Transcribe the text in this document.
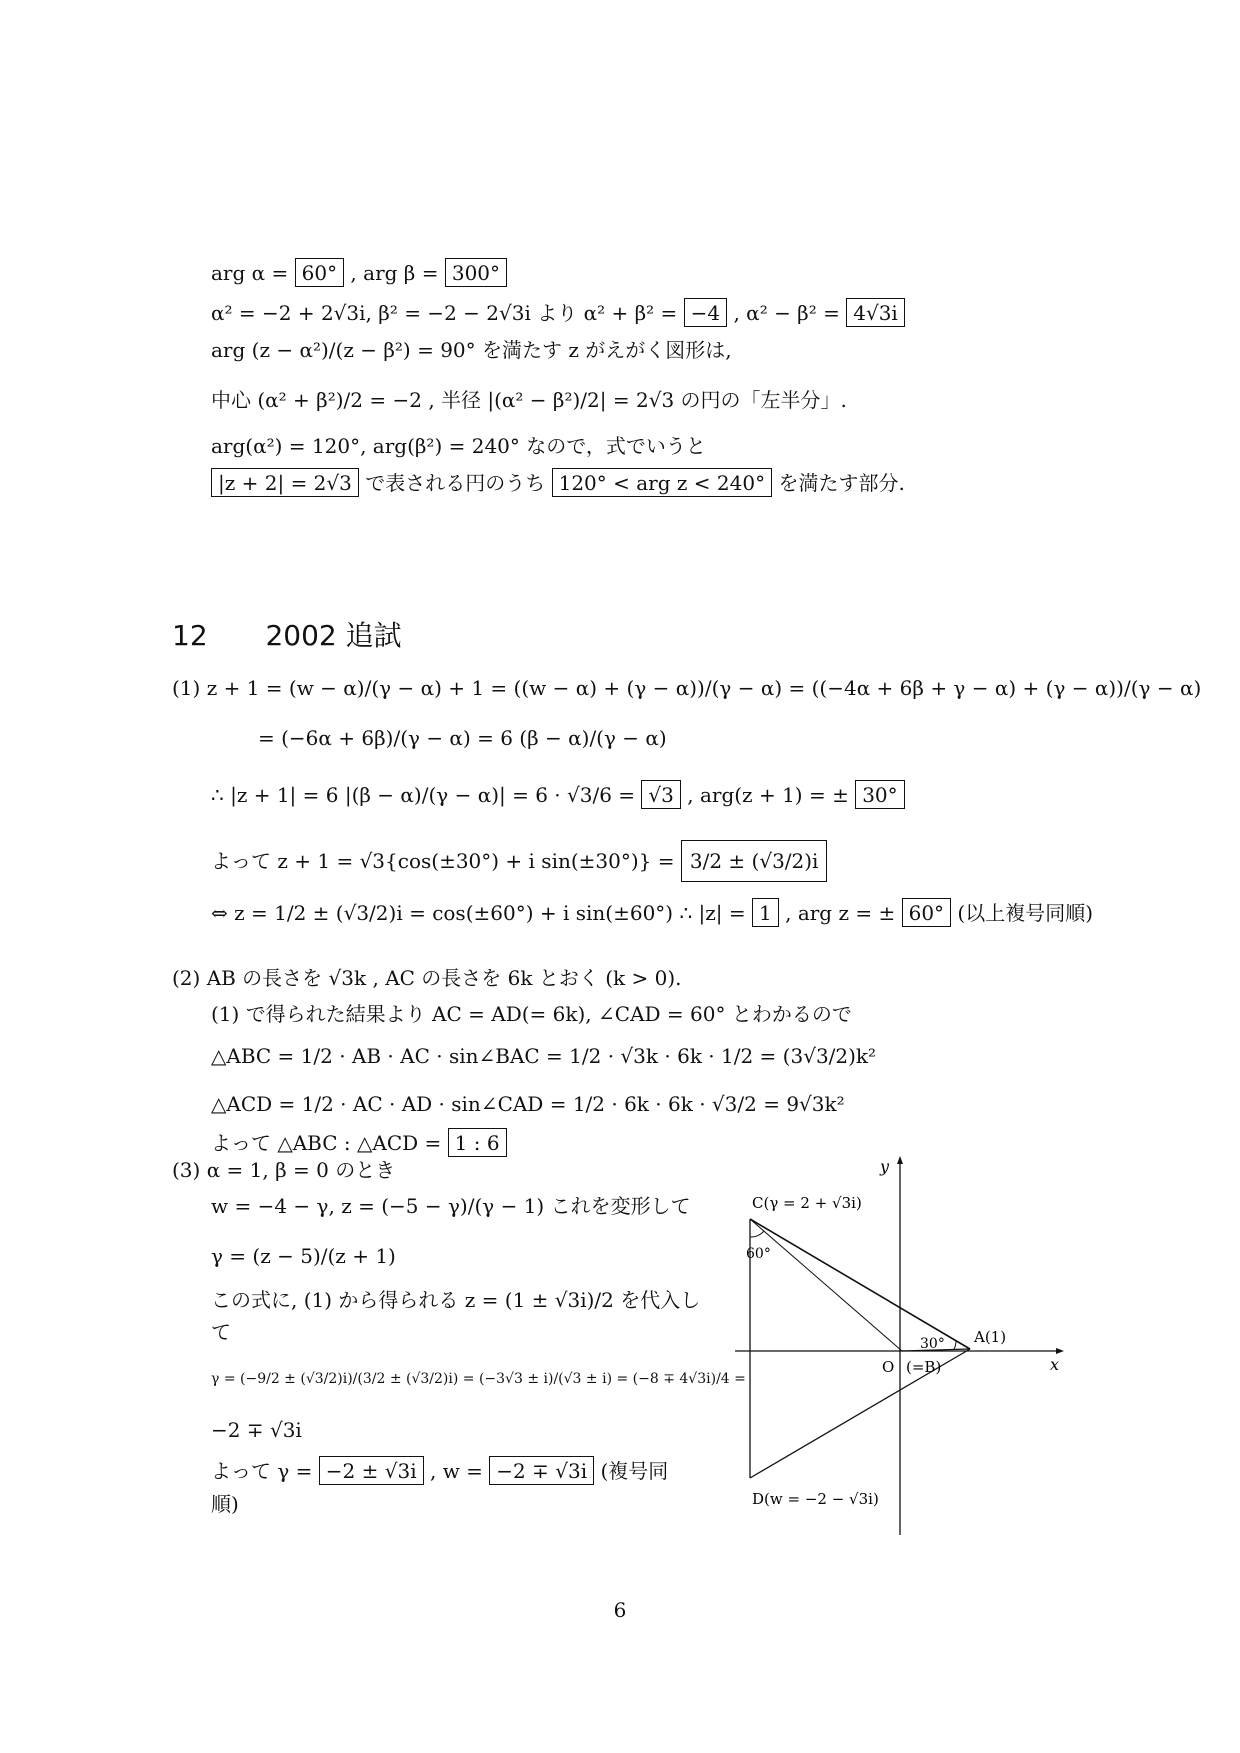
arg α = 60° , arg β = 300°
α² = −2 + 2√3i, β² = −2 − 2√3i より α² + β² = −4 , α² − β² = 4√3i
arg (z − α²)/(z − β²) = 90° を満たす z がえがく図形は,
中心 (α² + β²)/2 = −2 , 半径 |(α² − β²)/2| = 2√3 の円の「左半分」.
arg(α²) = 120°, arg(β²) = 240° なので，式でいうと
|z + 2| = 2√3 で表される円のうち 120° < arg z < 240° を満たす部分.
12 2002 追試
(1) z + 1 = (w − α)/(γ − α) + 1 = ((w − α) + (γ − α))/(γ − α) = ((−4α + 6β + γ − α) + (γ − α))/(γ − α)
= (−6α + 6β)/(γ − α) = 6 (β − α)/(γ − α)
∴ |z + 1| = 6 |(β − α)/(γ − α)| = 6 · √3/6 = √3 , arg(z + 1) = ± 30°
よって z + 1 = √3{cos(±30°) + i sin(±30°)} = 3/2 ± (√3/2)i
⇔ z = 1/2 ± (√3/2)i = cos(±60°) + i sin(±60°) ∴ |z| = 1 , arg z = ± 60° (以上複号同順)
(2) AB の長さを √3k , AC の長さを 6k とおく (k > 0).
(1) で得られた結果より AC = AD(= 6k), ∠CAD = 60° とわかるので
△ABC = 1/2 · AB · AC · sin∠BAC = 1/2 · √3k · 6k · 1/2 = (3√3/2)k²
△ACD = 1/2 · AC · AD · sin∠CAD = 1/2 · 6k · 6k · √3/2 = 9√3k²
よって △ABC : △ACD = 1 : 6
(3) α = 1, β = 0 のとき
w = −4 − γ, z = (−5 − γ)/(γ − 1) これを変形して
γ = (z − 5)/(z + 1)
この式に, (1) から得られる z = (1 ± √3i)/2 を代入し
て
γ = (−9/2 ± (√3/2)i)/(3/2 ± (√3/2)i) = (−3√3 ± i)/(√3 ± i) = (−8 ∓ 4√3i)/4 =
−2 ∓ √3i
よって γ = −2 ± √3i , w = −2 ∓ √3i (複号同
順)
x
y
C(γ = 2 + √3i)
D(w = −2 − √3i)
A(1)
O (=B)
60°
30°
6
